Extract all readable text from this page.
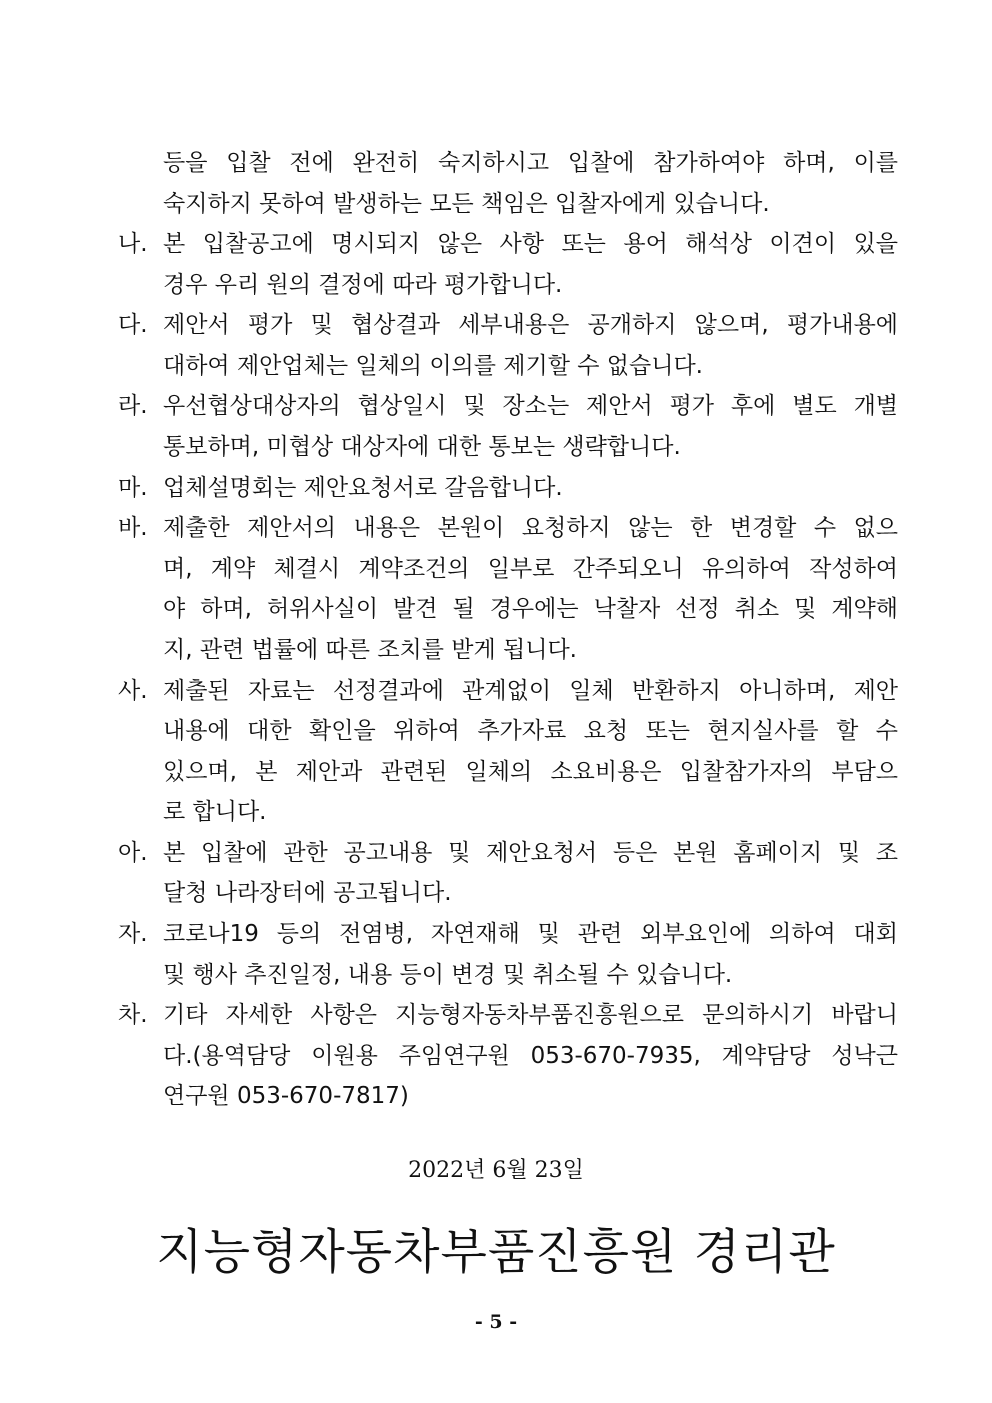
등을 입찰 전에 완전히 숙지하시고 입찰에 참가하여야 하며, 이를
숙지하지 못하여 발생하는 모든 책임은 입찰자에게 있습니다.
나. 본 입찰공고에 명시되지 않은 사항 또는 용어 해석상 이견이 있을
경우 우리 원의 결정에 따라 평가합니다.
다. 제안서 평가 및 협상결과 세부내용은 공개하지 않으며, 평가내용에
대하여 제안업체는 일체의 이의를 제기할 수 없습니다.
라. 우선협상대상자의 협상일시 및 장소는 제안서 평가 후에 별도 개별
통보하며, 미협상 대상자에 대한 통보는 생략합니다.
마. 업체설명회는 제안요청서로 갈음합니다.
바. 제출한 제안서의 내용은 본원이 요청하지 않는 한 변경할 수 없으
며, 계약 체결시 계약조건의 일부로 간주되오니 유의하여 작성하여
야 하며, 허위사실이 발견 될 경우에는 낙찰자 선정 취소 및 계약해
지, 관련 법률에 따른 조치를 받게 됩니다.
사. 제출된 자료는 선정결과에 관계없이 일체 반환하지 아니하며, 제안
내용에 대한 확인을 위하여 추가자료 요청 또는 현지실사를 할 수
있으며, 본 제안과 관련된 일체의 소요비용은 입찰참가자의 부담으
로 합니다.
아. 본 입찰에 관한 공고내용 및 제안요청서 등은 본원 홈페이지 및 조
달청 나라장터에 공고됩니다.
자. 코로나19 등의 전염병, 자연재해 및 관련 외부요인에 의하여 대회
및 행사 추진일정, 내용 등이 변경 및 취소될 수 있습니다.
차. 기타 자세한 사항은 지능형자동차부품진흥원으로 문의하시기 바랍니
다.(용역담당 이원용 주임연구원 053-670-7935, 계약담당 성낙근
연구원 053-670-7817)
2022년 6월 23일
지능형자동차부품진흥원 경리관
- 5 -
